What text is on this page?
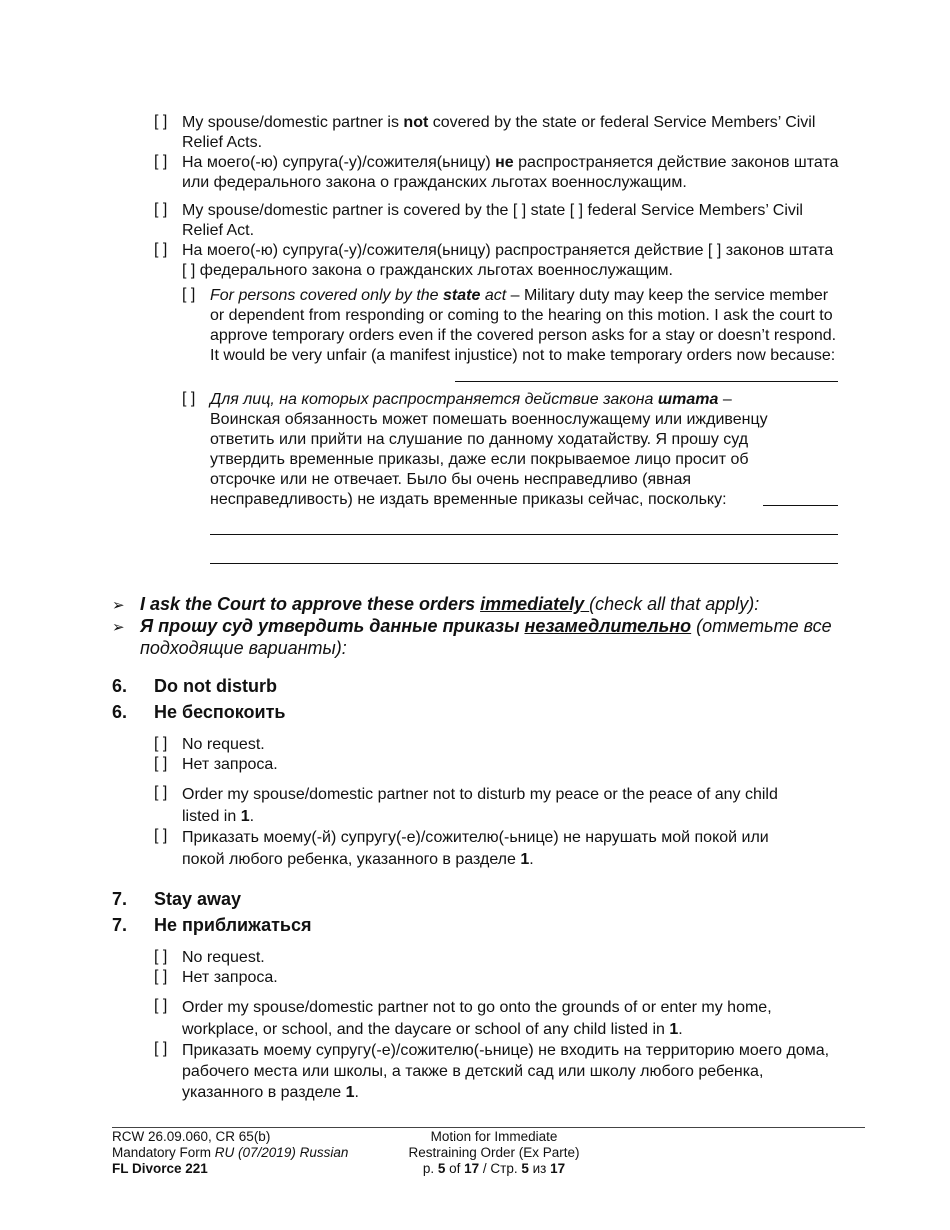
[ ] My spouse/domestic partner is not covered by the state or federal Service Members’ Civil Relief Acts.
[ ] На моего(-ю) супруга(-у)/сожителя(ьницу) не распространяется действие законов штата или федерального закона о гражданских льготах военнослужащим.
[ ] My spouse/domestic partner is covered by the [ ] state [ ] federal Service Members’ Civil Relief Act.
[ ] На моего(-ю) супруга(-у)/сожителя(ьницу) распространяется действие [ ] законов штата [ ] федерального закона о гражданских льготах военнослужащим.
[ ] For persons covered only by the state act – Military duty may keep the service member or dependent from responding or coming to the hearing on this motion. I ask the court to approve temporary orders even if the covered person asks for a stay or doesn’t respond. It would be very unfair (a manifest injustice) not to make temporary orders now because:
[ ] Для лиц, на которых распространяется действие закона штата – Воинская обязанность может помешать военнослужащему или иждивенцу ответить или прийти на слушание по данному ходатайству. Я прошу суд утвердить временные приказы, даже если покрываемое лицо просит об отсрочке или не отвечает. Было бы очень несправедливо (явная несправедливость) не издать временные приказы сейчас, поскольку:
➢ I ask the Court to approve these orders immediately (check all that apply):
➢ Я прошу суд утвердить данные приказы незамедлительно (отметьте все подходящие варианты):
6. Do not disturb
6. Не беспокоить
[ ] No request.
[ ] Нет запроса.
[ ] Order my spouse/domestic partner not to disturb my peace or the peace of any child listed in 1.
[ ] Приказать моему(-й) супругу(-е)/сожителю(-ьнице) не нарушать мой покой или покой любого ребенка, указанного в разделе 1.
7. Stay away
7. Не приближаться
[ ] No request.
[ ] Нет запроса.
[ ] Order my spouse/domestic partner not to go onto the grounds of or enter my home, workplace, or school, and the daycare or school of any child listed in 1.
[ ] Приказать моему супругу(-е)/сожителю(-ьнице) не входить на территорию моего дома, рабочего места или школы, а также в детский сад или школу любого ребенка, указанного в разделе 1.
RCW 26.09.060, CR 65(b)
Mandatory Form RU (07/2019) Russian
FL Divorce 221
Motion for Immediate
Restraining Order (Ex Parte)
p. 5 of 17 / Стр. 5 из 17
